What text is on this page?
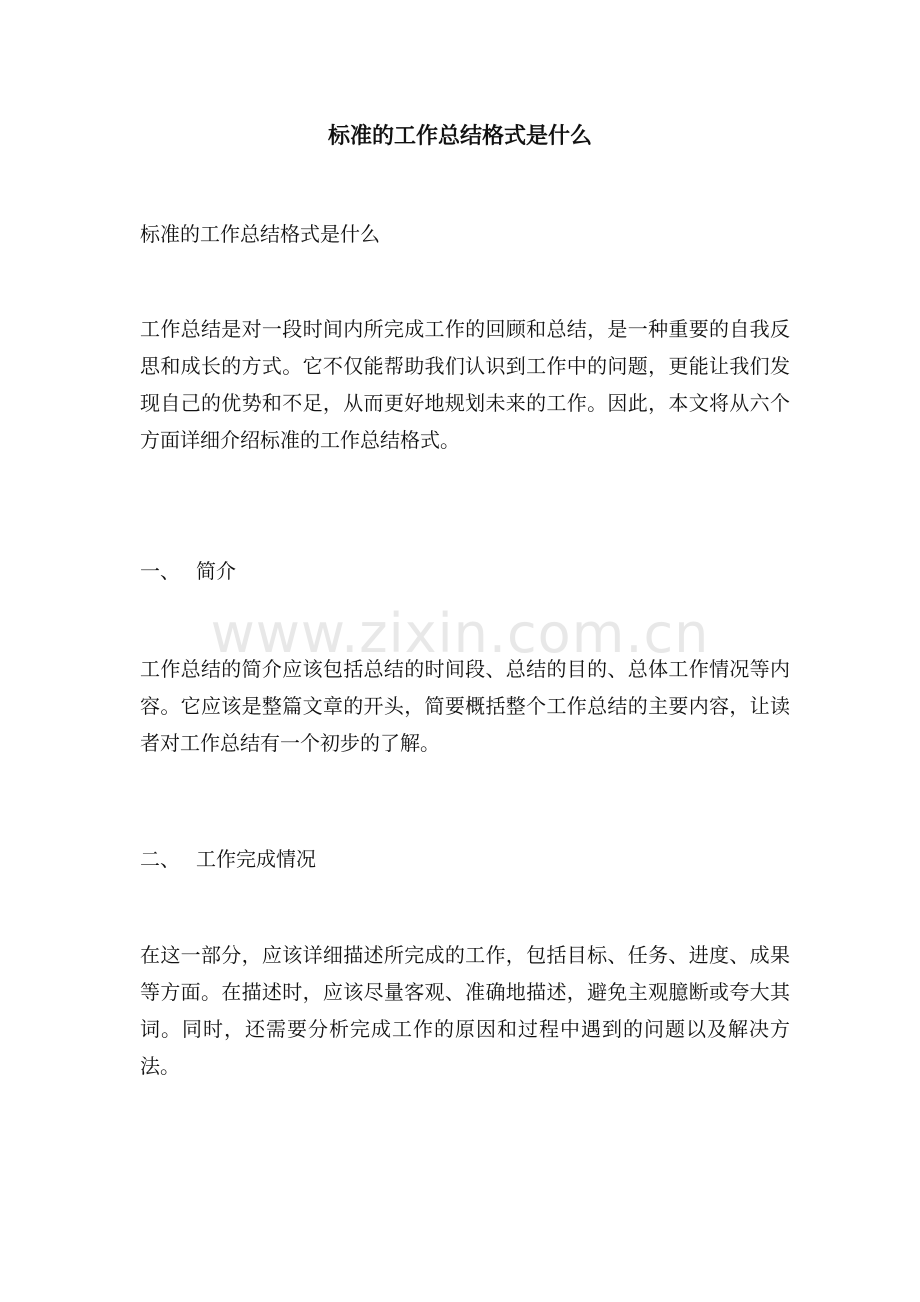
标准的工作总结格式是什么

标准的工作总结格式是什么

工作总结是对一段时间内所完成工作的回顾和总结，是一种重要的自我反思和成长的方式。它不仅能帮助我们认识到工作中的问题，更能让我们发现自己的优势和不足，从而更好地规划未来的工作。因此，本文将从六个方面详细介绍标准的工作总结格式。

一、 简介

www.zixin.com.cn

工作总结的简介应该包括总结的时间段、总结的目的、总体工作情况等内容。它应该是整篇文章的开头，简要概括整个工作总结的主要内容，让读者对工作总结有一个初步的了解。

二、 工作完成情况

在这一部分，应该详细描述所完成的工作，包括目标、任务、进度、成果等方面。在描述时，应该尽量客观、准确地描述，避免主观臆断或夸大其词。同时，还需要分析完成工作的原因和过程中遇到的问题以及解决方法。
